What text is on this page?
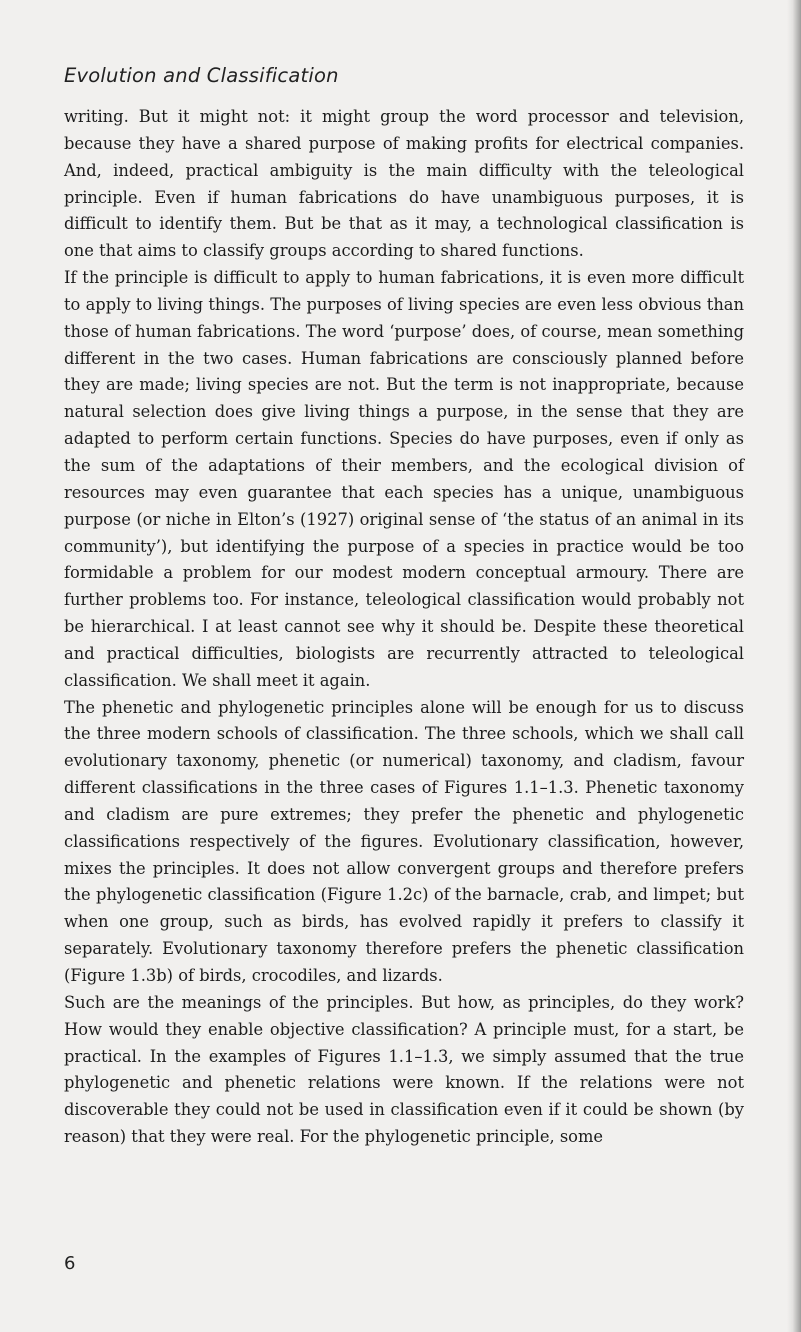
Evolution and Classification

writing. But it might not: it might group the word processor and television, because they have a shared purpose of making profits for electrical companies. And, indeed, practical ambiguity is the main difficulty with the teleological principle. Even if human fabrications do have unambiguous purposes, it is difficult to identify them. But be that as it may, a technological classification is one that aims to classify groups according to shared functions.

If the principle is difficult to apply to human fabrications, it is even more difficult to apply to living things. The purposes of living species are even less obvious than those of human fabrications. The word ‘purpose’ does, of course, mean something different in the two cases. Human fabrications are consciously planned before they are made; living species are not. But the term is not inappropriate, because natural selection does give living things a purpose, in the sense that they are adapted to perform certain functions. Species do have purposes, even if only as the sum of the adaptations of their members, and the ecological division of resources may even guarantee that each species has a unique, unambiguous purpose (or niche in Elton’s (1927) original sense of ‘the status of an animal in its community’), but identifying the purpose of a species in practice would be too formidable a problem for our modest modern conceptual armoury. There are further problems too. For instance, teleological classification would probably not be hierarchical. I at least cannot see why it should be. Despite these theoretical and practical difficulties, biologists are recurrently attracted to teleological classification. We shall meet it again.

The phenetic and phylogenetic principles alone will be enough for us to discuss the three modern schools of classification. The three schools, which we shall call evolutionary taxonomy, phenetic (or numerical) taxonomy, and cladism, favour different classifications in the three cases of Figures 1.1–1.3. Phenetic taxonomy and cladism are pure extremes; they prefer the phenetic and phylogenetic classifications respectively of the figures. Evolutionary classification, however, mixes the principles. It does not allow convergent groups and therefore prefers the phylogenetic classification (Figure 1.2c) of the barnacle, crab, and limpet; but when one group, such as birds, has evolved rapidly it prefers to classify it separately. Evolutionary taxonomy therefore prefers the phenetic classification (Figure 1.3b) of birds, crocodiles, and lizards.

Such are the meanings of the principles. But how, as principles, do they work? How would they enable objective classification? A principle must, for a start, be practical. In the examples of Figures 1.1–1.3, we simply assumed that the true phylogenetic and phenetic relations were known. If the relations were not discoverable they could not be used in classification even if it could be shown (by reason) that they were real. For the phylogenetic principle, some

6
